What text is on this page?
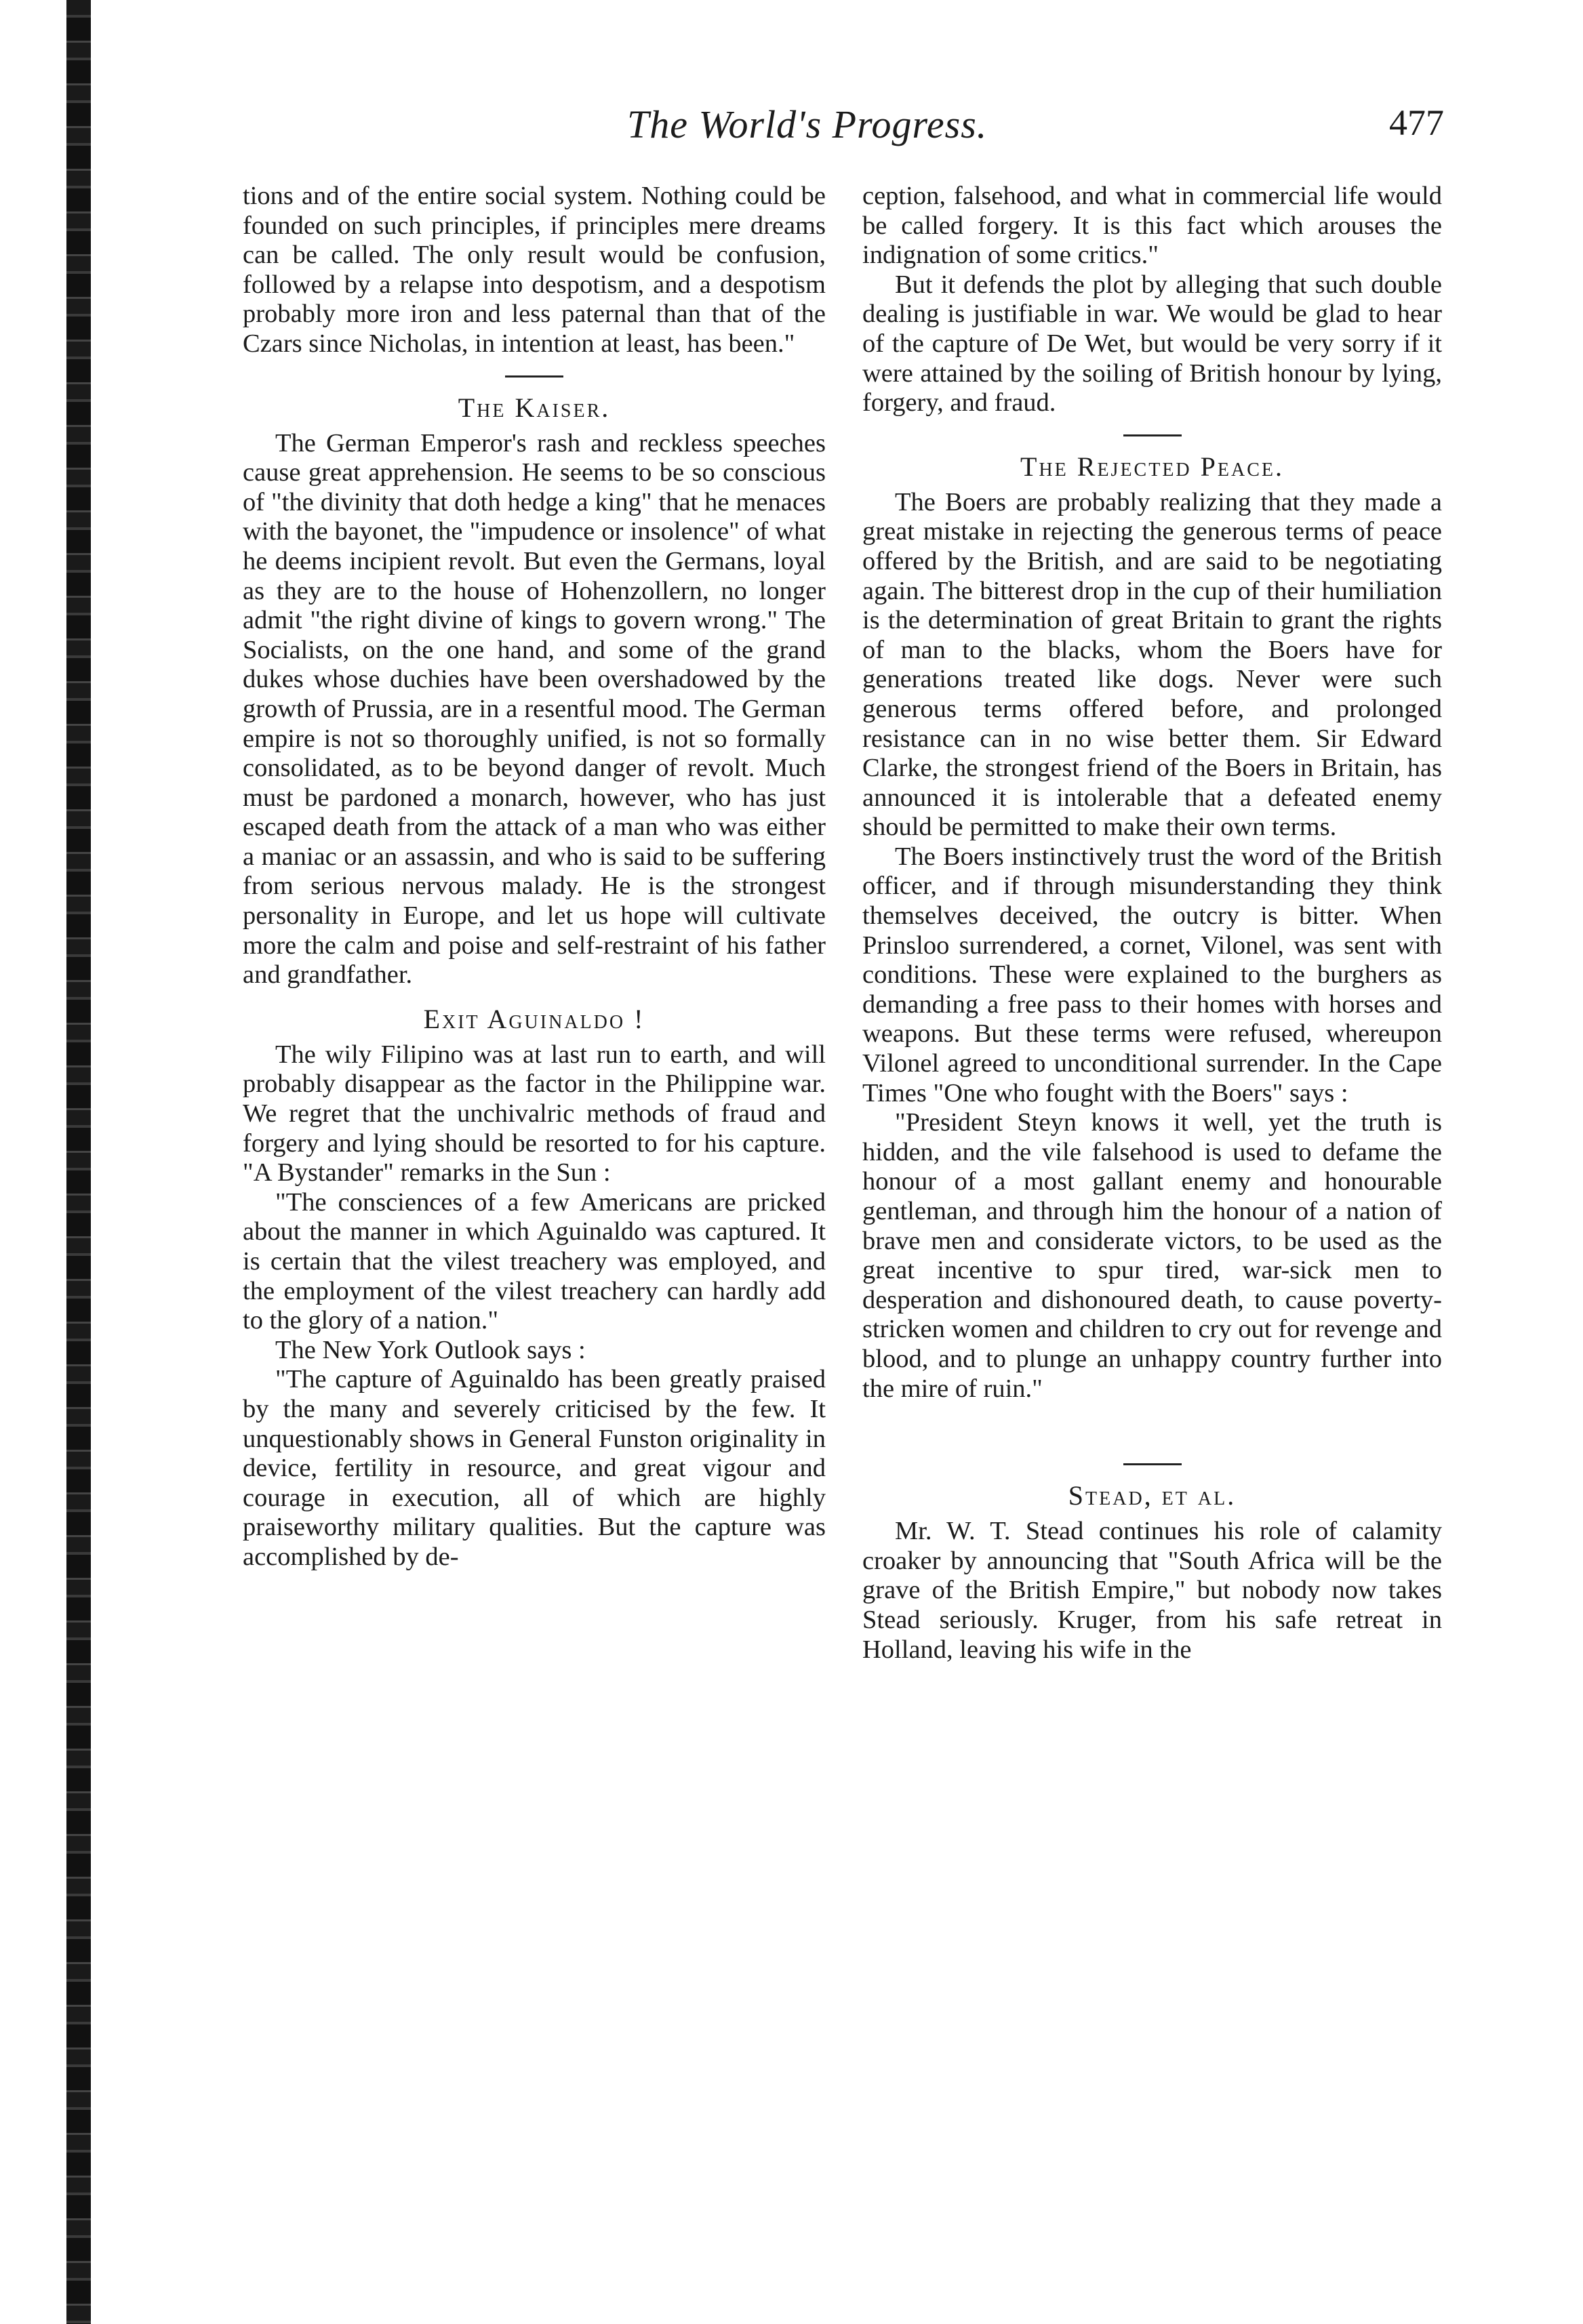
The World's Progress.	477

tions and of the entire social system. Nothing could be founded on such principles, if principles mere dreams can be called. The only result would be confusion, followed by a relapse into despotism, and a despotism probably more iron and less paternal than that of the Czars since Nicholas, in intention at least, has been."

The Kaiser.

The German Emperor's rash and reckless speeches cause great apprehension. He seems to be so conscious of "the divinity that doth hedge a king" that he menaces with the bayonet, the "impudence or insolence" of what he deems incipient revolt. But even the Germans, loyal as they are to the house of Hohenzollern, no longer admit "the right divine of kings to govern wrong." The Socialists, on the one hand, and some of the grand dukes whose duchies have been overshadowed by the growth of Prussia, are in a resentful mood. The German empire is not so thoroughly unified, is not so formally consolidated, as to be beyond danger of revolt. Much must be pardoned a monarch, however, who has just escaped death from the attack of a man who was either a maniac or an assassin, and who is said to be suffering from serious nervous malady. He is the strongest personality in Europe, and let us hope will cultivate more the calm and poise and self-restraint of his father and grandfather.

Exit Aguinaldo !

The wily Filipino was at last run to earth, and will probably disappear as the factor in the Philippine war. We regret that the unchivalric methods of fraud and forgery and lying should be resorted to for his capture. "A Bystander" remarks in the Sun :

"The consciences of a few Americans are pricked about the manner in which Aguinaldo was captured. It is certain that the vilest treachery was employed, and the employment of the vilest treachery can hardly add to the glory of a nation."

The New York Outlook says :

"The capture of Aguinaldo has been greatly praised by the many and severely criticised by the few. It unquestionably shows in General Funston originality in device, fertility in resource, and great vigour and courage in execution, all of which are highly praiseworthy military qualities. But the capture was accomplished by de-

ception, falsehood, and what in commercial life would be called forgery. It is this fact which arouses the indignation of some critics."

But it defends the plot by alleging that such double dealing is justifiable in war. We would be glad to hear of the capture of De Wet, but would be very sorry if it were attained by the soiling of British honour by lying, forgery, and fraud.

The Rejected Peace.

The Boers are probably realizing that they made a great mistake in rejecting the generous terms of peace offered by the British, and are said to be negotiating again. The bitterest drop in the cup of their humiliation is the determination of great Britain to grant the rights of man to the blacks, whom the Boers have for generations treated like dogs. Never were such generous terms offered before, and prolonged resistance can in no wise better them. Sir Edward Clarke, the strongest friend of the Boers in Britain, has announced it is intolerable that a defeated enemy should be permitted to make their own terms.

The Boers instinctively trust the word of the British officer, and if through misunderstanding they think themselves deceived, the outcry is bitter. When Prinsloo surrendered, a cornet, Vilonel, was sent with conditions. These were explained to the burghers as demanding a free pass to their homes with horses and weapons. But these terms were refused, whereupon Vilonel agreed to unconditional surrender. In the Cape Times "One who fought with the Boers" says :

"President Steyn knows it well, yet the truth is hidden, and the vile falsehood is used to defame the honour of a most gallant enemy and honourable gentleman, and through him the honour of a nation of brave men and considerate victors, to be used as the great incentive to spur tired, war-sick men to desperation and dishonoured death, to cause poverty-stricken women and children to cry out for revenge and blood, and to plunge an unhappy country further into the mire of ruin."

Stead, et al.

Mr. W. T. Stead continues his role of calamity croaker by announcing that "South Africa will be the grave of the British Empire," but nobody now takes Stead seriously. Kruger, from his safe retreat in Holland, leaving his wife in the
